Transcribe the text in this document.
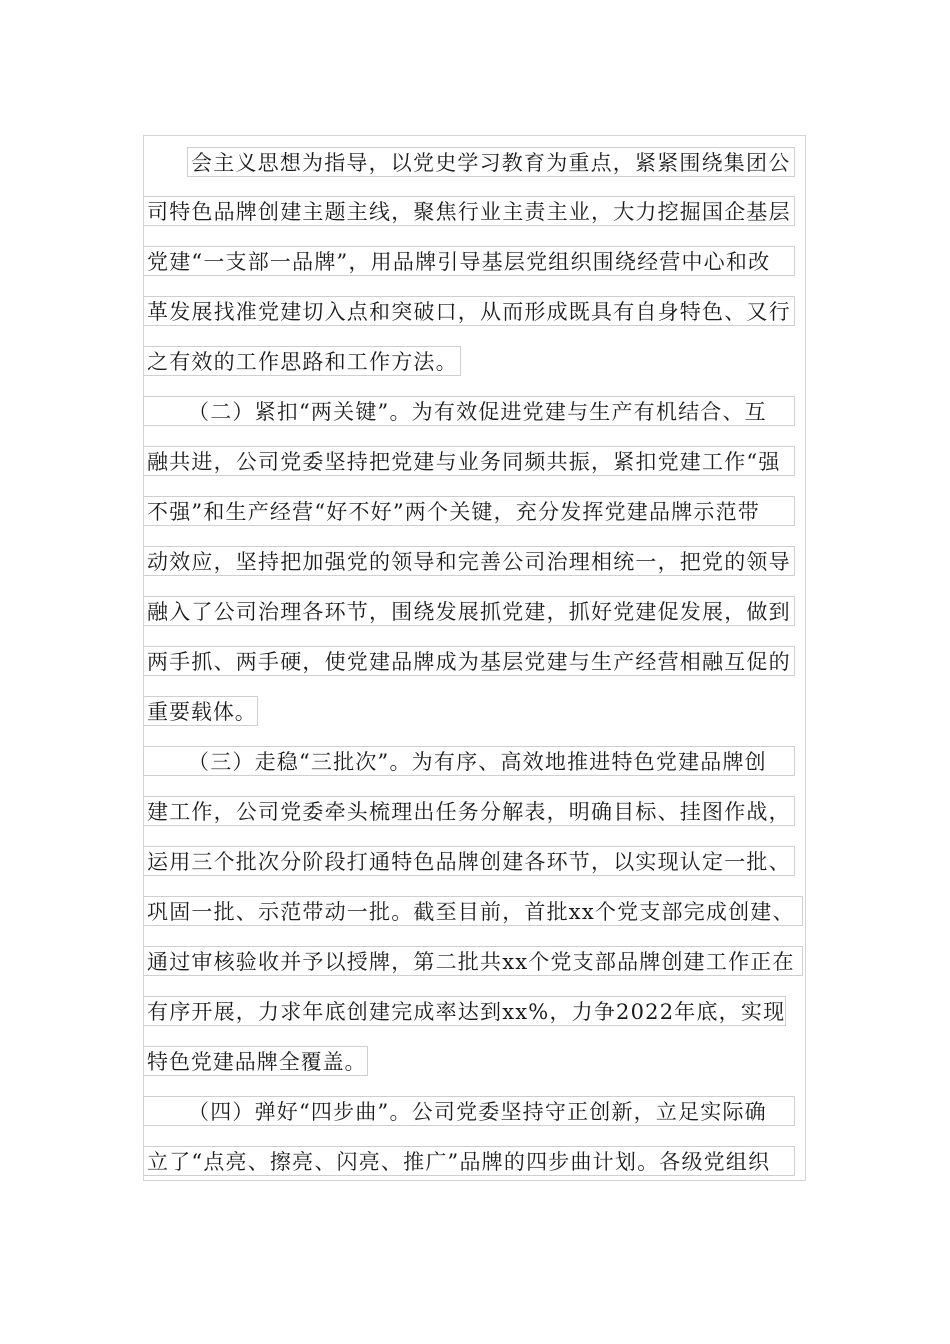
会主义思想为指导，以党史学习教育为重点，紧紧围绕集团公
司特色品牌创建主题主线，聚焦行业主责主业，大力挖掘国企基层
党建“一支部一品牌”，用品牌引导基层党组织围绕经营中心和改
革发展找准党建切入点和突破口，从而形成既具有自身特色、又行
之有效的工作思路和工作方法。
（二）紧扣“两关键”。为有效促进党建与生产有机结合、互
融共进，公司党委坚持把党建与业务同频共振，紧扣党建工作“强
不强”和生产经营“好不好”两个关键，充分发挥党建品牌示范带
动效应，坚持把加强党的领导和完善公司治理相统一，把党的领导
融入了公司治理各环节，围绕发展抓党建，抓好党建促发展，做到
两手抓、两手硬，使党建品牌成为基层党建与生产经营相融互促的
重要载体。
（三）走稳“三批次”。为有序、高效地推进特色党建品牌创
建工作，公司党委牵头梳理出任务分解表，明确目标、挂图作战，
运用三个批次分阶段打通特色品牌创建各环节，以实现认定一批、
巩固一批、示范带动一批。截至目前，首批xx个党支部完成创建、
通过审核验收并予以授牌，第二批共xx个党支部品牌创建工作正在
有序开展，力求年底创建完成率达到xx%，力争2022年底，实现
特色党建品牌全覆盖。
（四）弹好“四步曲”。公司党委坚持守正创新，立足实际确
立了“点亮、擦亮、闪亮、推广”品牌的四步曲计划。各级党组织
